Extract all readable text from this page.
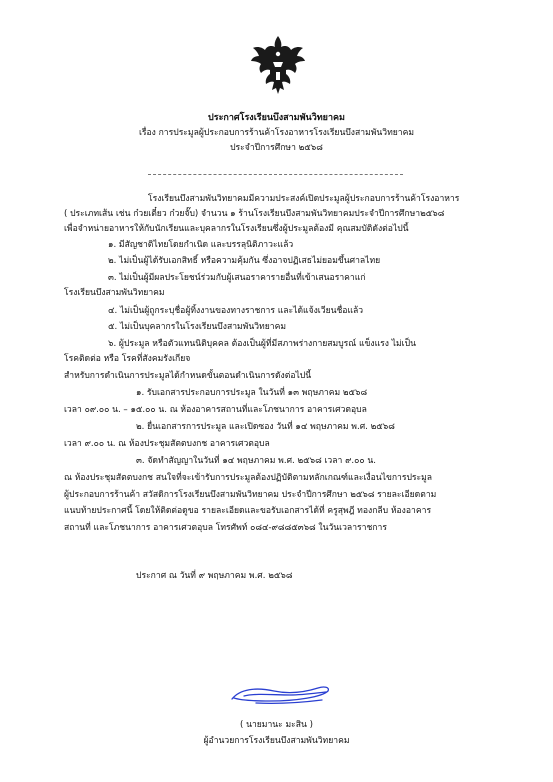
ประกาศโรงเรียนบึงสามพันวิทยาคม
เรื่อง การประมูลผู้ประกอบการร้านค้าโรงอาหารโรงเรียนบึงสามพันวิทยาคม
ประจำปีการศึกษา ๒๕๖๘
โรงเรียนบึงสามพันวิทยาคมมีความประสงค์เปิดประมูลผู้ประกอบการร้านค้าโรงอาหาร
( ประเภทเส้น เช่น ก๋วยเตี๋ยว ก๋วยจั๊บ) จำนวน ๑ ร้านโรงเรียนบึงสามพันวิทยาคมประจำปีการศึกษา๒๕๖๘
เพื่อจำหน่ายอาหารให้กับนักเรียนและบุคลากรในโรงเรียนซึ่งผู้ประมูลต้องมี คุณสมบัติดังต่อไปนี้
๑. มีสัญชาติไทยโดยกำเนิด และบรรลุนิติภาวะแล้ว
๒. ไม่เป็นผู้ได้รับเอกสิทธิ์ หรือความคุ้มกัน ซึ่งอาจปฏิเสธไม่ยอมขึ้นศาลไทย
๓. ไม่เป็นผู้มีผลประโยชน์ร่วมกับผู้เสนอราคารายอื่นที่เข้าเสนอราคาแก่
โรงเรียนบึงสามพันวิทยาคม
๔. ไม่เป็นผู้ถูกระบุชื่อผู้ทิ้งงานของทางราชการ และได้แจ้งเวียนชื่อแล้ว
๕. ไม่เป็นบุคลากรในโรงเรียนบึงสามพันวิทยาคม
๖. ผู้ประมูล หรือตัวแทนนิติบุคคล ต้องเป็นผู้ที่มีสภาพร่างกายสมบูรณ์ แข็งแรง ไม่เป็น
โรคติดต่อ หรือ โรคที่สังคมรังเกียจ
สำหรับการดำเนินการประมูลได้กำหนดขั้นตอนดำเนินการดังต่อไปนี้
๑. รับเอกสารประกอบการประมูล ในวันที่ ๑๓ พฤษภาคม ๒๕๖๘
เวลา ๐๙.๐๐ น. – ๑๕.๐๐ น. ณ ห้องอาคารสถานที่และโภชนาการ อาคารเศวตอุบล
๒. ยื่นเอกสารการประมูล และเปิดซอง วันที่ ๑๔ พฤษภาคม พ.ศ. ๒๕๖๘
เวลา ๙.๐๐ น. ณ ห้องประชุมสัตตบงกช อาคารเศวตอุบล
๓. จัดทำสัญญาในวันที่ ๑๔ พฤษภาคม พ.ศ. ๒๕๖๘ เวลา ๙.๐๐ น.
ณ ห้องประชุมสัตตบงกช สนใจที่จะเข้ารับการประมูลต้องปฏิบัติตามหลักเกณฑ์และเงื่อนไขการประมูล
ผู้ประกอบการร้านค้า สวัสดิการโรงเรียนบึงสามพันวิทยาคม ประจำปีการศึกษา ๒๕๖๘ รายละเอียดตาม
แนบท้ายประกาศนี้ โดยให้ติดต่อดูขอ รายละเอียดและขอรับเอกสารได้ที่ ครูสุพฎี ทองกลีบ ห้องอาคาร
สถานที่ และโภชนาการ อาคารเศวตอุบล โทรศัพท์ ๐๘๔-๙๘๘๕๓๖๘ ในวันเวลาราชการ
ประกาศ ณ วันที่ ๙ พฤษภาคม พ.ศ. ๒๕๖๘
( นายมานะ มะสิน )
ผู้อำนวยการโรงเรียนบึงสามพันวิทยาคม
